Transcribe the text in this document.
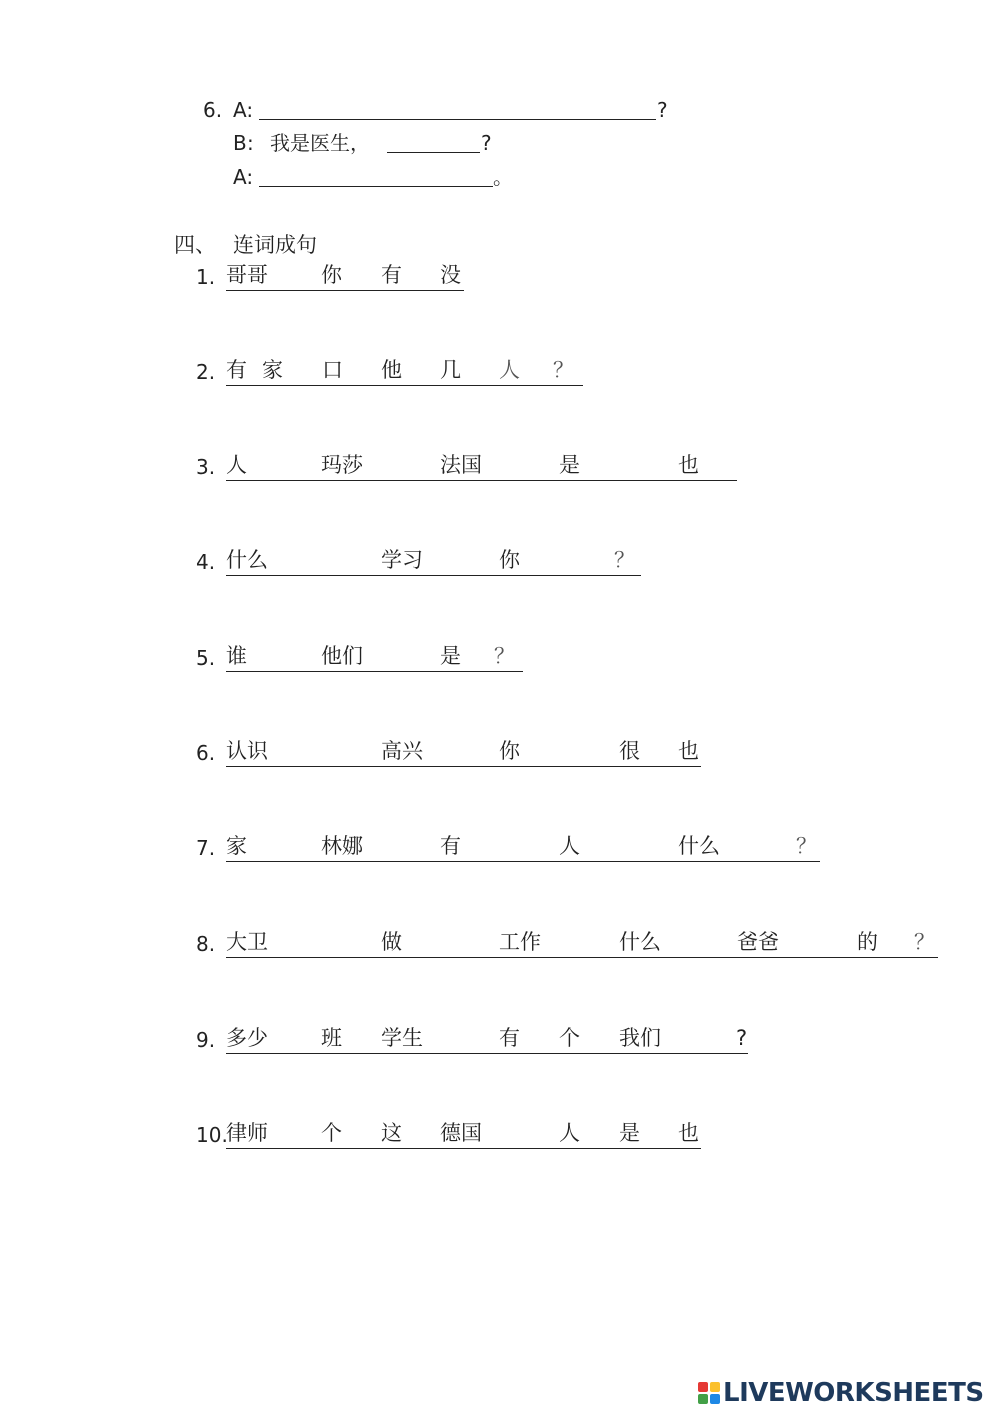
6. A:	?
B : 我是医生，	?
A:	。
四、 连词成句
1. 哥哥	你 有 没
2. 有 家 口 他 几 人 ？
3. 人	玛莎	法国	是	也
4. 什么	学习	你	？
5. 谁	他们	是 ？
6. 认识	高兴	你	很 也
7. 家	林娜	有	人	什么	？
8. 大卫	做	工作	什么	爸爸	的 ？
9. 多少	班 学生	有 个 我们	?
10.
律师	个 这 德国	人 是 也
LIVEWORKSHEETS
